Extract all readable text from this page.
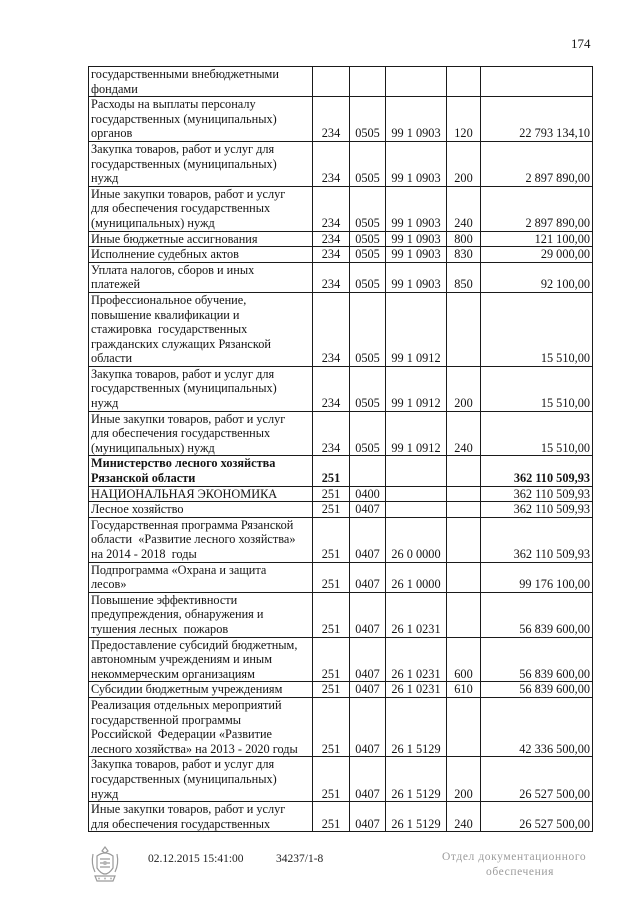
174
государственными внебюджетными
фондами					
Расходы на выплаты персоналу
государственных (муниципальных)
органов	234	0505	99 1 0903	120	22 793 134,10
Закупка товаров, работ и услуг для
государственных (муниципальных)
нужд	234	0505	99 1 0903	200	2 897 890,00
Иные закупки товаров, работ и услуг
для обеспечения государственных
(муниципальных) нужд	234	0505	99 1 0903	240	2 897 890,00
Иные бюджетные ассигнования	234	0505	99 1 0903	800	121 100,00
Исполнение судебных актов	234	0505	99 1 0903	830	29 000,00
Уплата налогов, сборов и иных
платежей	234	0505	99 1 0903	850	92 100,00
Профессиональное обучение,
повышение квалификации и
стажировка  государственных
гражданских служащих Рязанской
области	234	0505	99 1 0912		15 510,00
Закупка товаров, работ и услуг для
государственных (муниципальных)
нужд	234	0505	99 1 0912	200	15 510,00
Иные закупки товаров, работ и услуг
для обеспечения государственных
(муниципальных) нужд	234	0505	99 1 0912	240	15 510,00
Министерство лесного хозяйства
Рязанской области	251				362 110 509,93
НАЦИОНАЛЬНАЯ ЭКОНОМИКА	251	0400			362 110 509,93
Лесное хозяйство	251	0407			362 110 509,93
Государственная программа Рязанской
области  «Развитие лесного хозяйства»
на 2014 - 2018  годы	251	0407	26 0 0000		362 110 509,93
Подпрограмма «Охрана и защита
лесов»	251	0407	26 1 0000		99 176 100,00
Повышение эффективности
предупреждения, обнаружения и
тушения лесных  пожаров	251	0407	26 1 0231		56 839 600,00
Предоставление субсидий бюджетным,
автономным учреждениям и иным
некоммерческим организациям	251	0407	26 1 0231	600	56 839 600,00
Субсидии бюджетным учреждениям	251	0407	26 1 0231	610	56 839 600,00
Реализация отдельных мероприятий
государственной программы
Российской  Федерации «Развитие
лесного хозяйства» на 2013 - 2020 годы	251	0407	26 1 5129		42 336 500,00
Закупка товаров, работ и услуг для
государственных (муниципальных)
нужд	251	0407	26 1 5129	200	26 527 500,00
Иные закупки товаров, работ и услуг
для обеспечения государственных	251	0407	26 1 5129	240	26 527 500,00
02.12.2015 15:41:00	34237/1-8	Отдел документационного
обеспечения
